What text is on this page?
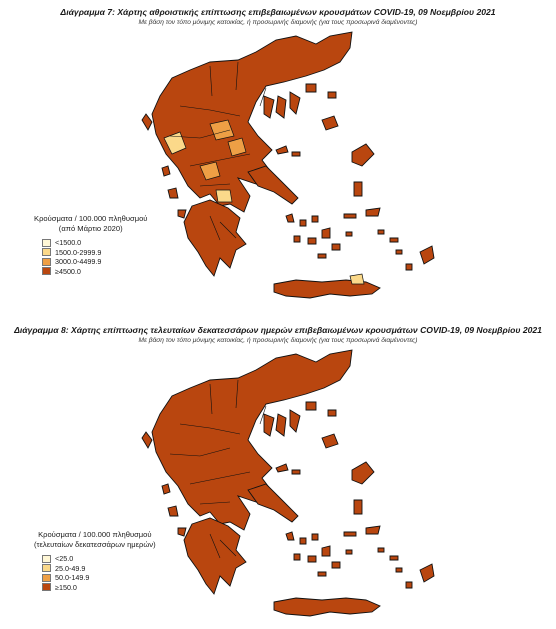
Διάγραμμα 7: Χάρτης αθροιστικής επίπτωσης επιβεβαιωμένων κρουσμάτων COVID-19, 09 Νοεμβρίου 2021
Με βάση τον τόπο μόνιμης κατοικίας, ή προσωρινής διαμονής (για τους προσωρινά διαμένοντες)
Κρούσματα / 100.000 πληθυσμού
(από Μάρτιο 2020)
<1500.0
1500.0-2999.9
3000.0-4499.9
≥4500.0
Διάγραμμα 8: Χάρτης επίπτωσης τελευταίων δεκατεσσάρων ημερών επιβεβαιωμένων κρουσμάτων COVID-19, 09 Νοεμβρίου 2021
Με βάση τον τόπο μόνιμης κατοικίας, ή προσωρινής διαμονής (για τους προσωρινά διαμένοντες)
Κρούσματα / 100.000 πληθυσμού
(τελευταίων δεκατεσσάρων ημερών)
<25.0
25.0-49.9
50.0-149.9
≥150.0
